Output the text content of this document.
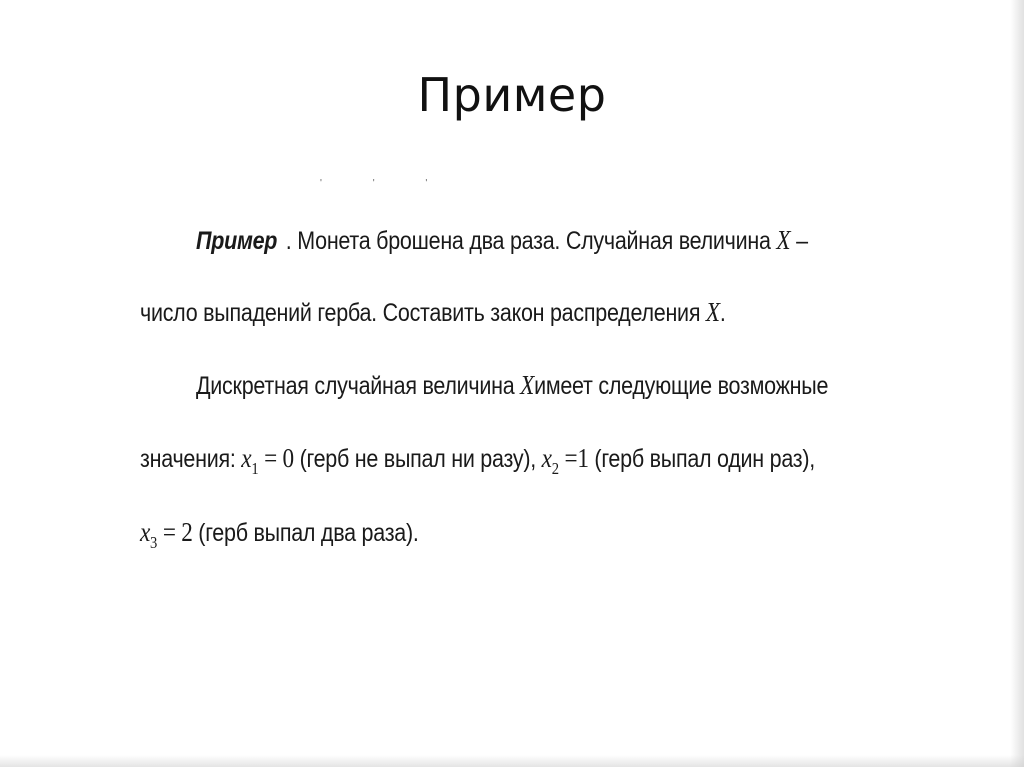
Пример
' ' '
Пример . Монета брошена два раза. Случайная величина X –
число выпадений герба. Составить закон распределения X.
Дискретная случайная величина Xимеет следующие возможные
значения: $x_1 = 0$ (герб не выпал ни разу), $x_2 =1$ (герб выпал один раз),
$x_3 = 2$ (герб выпал два раза).
